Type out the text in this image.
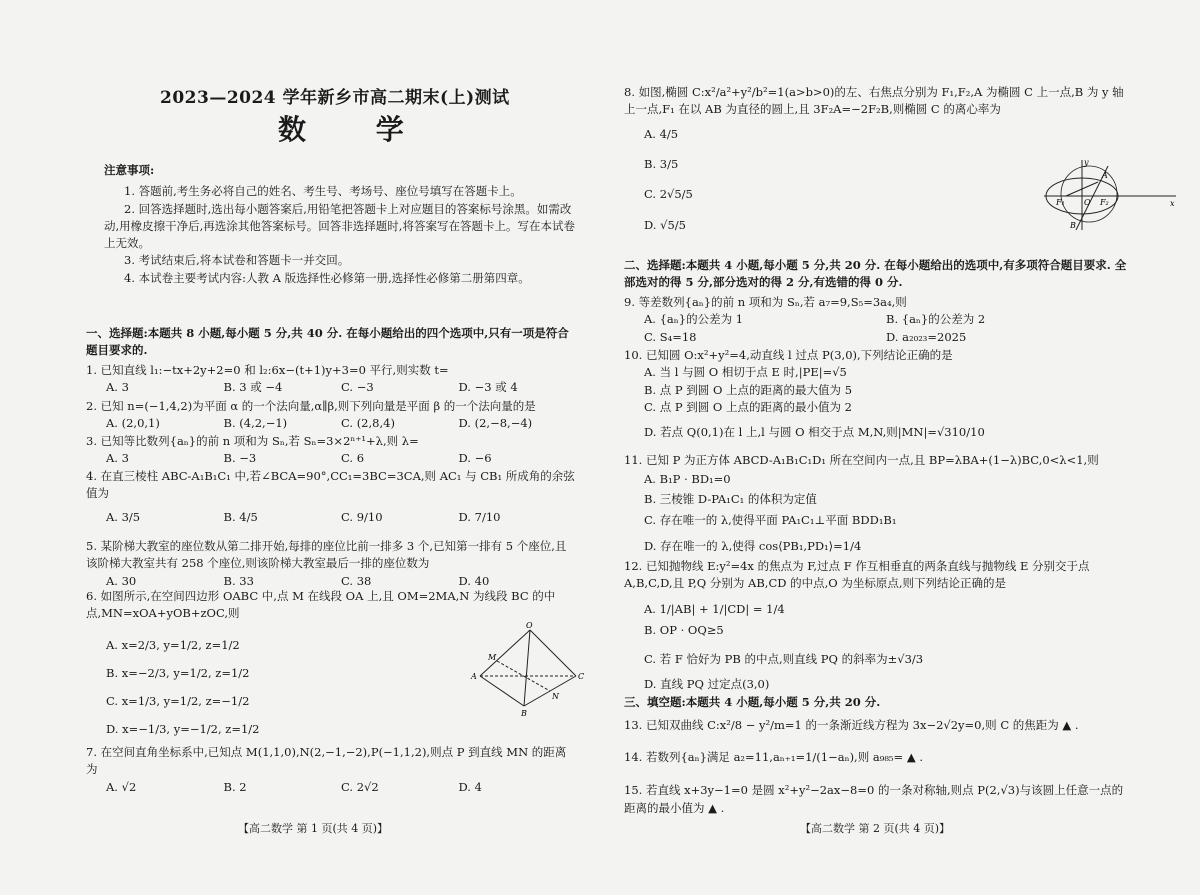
2023—2024 学年新乡市高二期末(上)测试
数 学
注意事项:
1. 答题前,考生务必将自己的姓名、考生号、考场号、座位号填写在答题卡上。
2. 回答选择题时,选出每小题答案后,用铅笔把答题卡上对应题目的答案标号涂黑。如需改动,用橡皮擦干净后,再选涂其他答案标号。回答非选择题时,将答案写在答题卡上。写在本试卷上无效。
3. 考试结束后,将本试卷和答题卡一并交回。
4. 本试卷主要考试内容:人教 A 版选择性必修第一册,选择性必修第二册第四章。
一、选择题:本题共 8 小题,每小题 5 分,共 40 分. 在每小题给出的四个选项中,只有一项是符合题目要求的.
1. 已知直线 l₁:−tx+2y+2=0 和 l₂:6x−(t+1)y+3=0 平行,则实数 t=
A. 3	B. 3 或 −4	C. −3	D. −3 或 4
2. 已知 n=(−1,4,2)为平面 α 的一个法向量,α∥β,则下列向量是平面 β 的一个法向量的是
A. (2,0,1)	B. (4,2,−1)	C. (2,8,4)	D. (2,−8,−4)
3. 已知等比数列{aₙ}的前 n 项和为 Sₙ,若 Sₙ=3×2ⁿ⁺¹+λ,则 λ=
A. 3	B. −3	C. 6	D. −6
4. 在直三棱柱 ABC-A₁B₁C₁ 中,若∠BCA=90°,CC₁=3BC=3CA,则 AC₁ 与 CB₁ 所成角的余弦值为
A. 3/5	B. 4/5	C. 9/10	D. 7/10
5. 某阶梯大教室的座位数从第二排开始,每排的座位比前一排多 3 个,已知第一排有 5 个座位,且该阶梯大教室共有 258 个座位,则该阶梯大教室最后一排的座位数为
A. 30	B. 33	C. 38	D. 40
6. 如图所示,在空间四边形 OABC 中,点 M 在线段 OA 上,且 OM=2MA,N 为线段 BC 的中点,MN=xOA+yOB+zOC,则
A. x=2/3, y=1/2, z=1/2
B. x=−2/3, y=1/2, z=1/2
C. x=1/3, y=1/2, z=−1/2
D. x=−1/3, y=−1/2, z=1/2
O
M
A	C
N
B
7. 在空间直角坐标系中,已知点 M(1,1,0),N(2,−1,−2),P(−1,1,2),则点 P 到直线 MN 的距离为
A. √2	B. 2	C. 2√2	D. 4
【高二数学 第 1 页(共 4 页)】
8. 如图,椭圆 C:x²/a²+y²/b²=1(a>b>0)的左、右焦点分别为 F₁,F₂,A 为椭圆 C 上一点,B 为 y 轴上一点,F₁ 在以 AB 为直径的圆上,且 3F₂A=−2F₂B,则椭圆 C 的离心率为
A. 4/5
B. 3/5
C. 2√5/5
D. √5/5
y
A
F₁ O F₂	x
B
二、选择题:本题共 4 小题,每小题 5 分,共 20 分. 在每小题给出的选项中,有多项符合题目要求. 全部选对的得 5 分,部分选对的得 2 分,有选错的得 0 分.
9. 等差数列{aₙ}的前 n 项和为 Sₙ,若 a₇=9,S₅=3a₄,则
A. {aₙ}的公差为 1	B. {aₙ}的公差为 2
C. S₄=18	D. a₂₀₂₃=2025
10. 已知圆 O:x²+y²=4,动直线 l 过点 P(3,0),下列结论正确的是
A. 当 l 与圆 O 相切于点 E 时,|PE|=√5
B. 点 P 到圆 O 上点的距离的最大值为 5
C. 点 P 到圆 O 上点的距离的最小值为 2
D. 若点 Q(0,1)在 l 上,l 与圆 O 相交于点 M,N,则|MN|=√310/10
11. 已知 P 为正方体 ABCD-A₁B₁C₁D₁ 所在空间内一点,且 BP=λBA+(1−λ)BC,0<λ<1,则
A. B₁P · BD₁=0
B. 三棱锥 D-PA₁C₁ 的体积为定值
C. 存在唯一的 λ,使得平面 PA₁C₁⊥平面 BDD₁B₁
D. 存在唯一的 λ,使得 cos⟨PB₁,PD₁⟩=1/4
12. 已知抛物线 E:y²=4x 的焦点为 F,过点 F 作互相垂直的两条直线与抛物线 E 分别交于点 A,B,C,D,且 P,Q 分别为 AB,CD 的中点,O 为坐标原点,则下列结论正确的是
A. 1/|AB| + 1/|CD| = 1/4
B. OP · OQ≥5
C. 若 F 恰好为 PB 的中点,则直线 PQ 的斜率为±√3/3
D. 直线 PQ 过定点(3,0)
三、填空题:本题共 4 小题,每小题 5 分,共 20 分.
13. 已知双曲线 C:x²/8 − y²/m=1 的一条渐近线方程为 3x−2√2y=0,则 C 的焦距为 ▲ .
14. 若数列{aₙ}满足 a₂=11,aₙ₊₁=1/(1−aₙ),则 a₉₈₅= ▲ .
15. 若直线 x+3y−1=0 是圆 x²+y²−2ax−8=0 的一条对称轴,则点 P(2,√3)与该圆上任意一点的距离的最小值为 ▲ .
【高二数学 第 2 页(共 4 页)】
